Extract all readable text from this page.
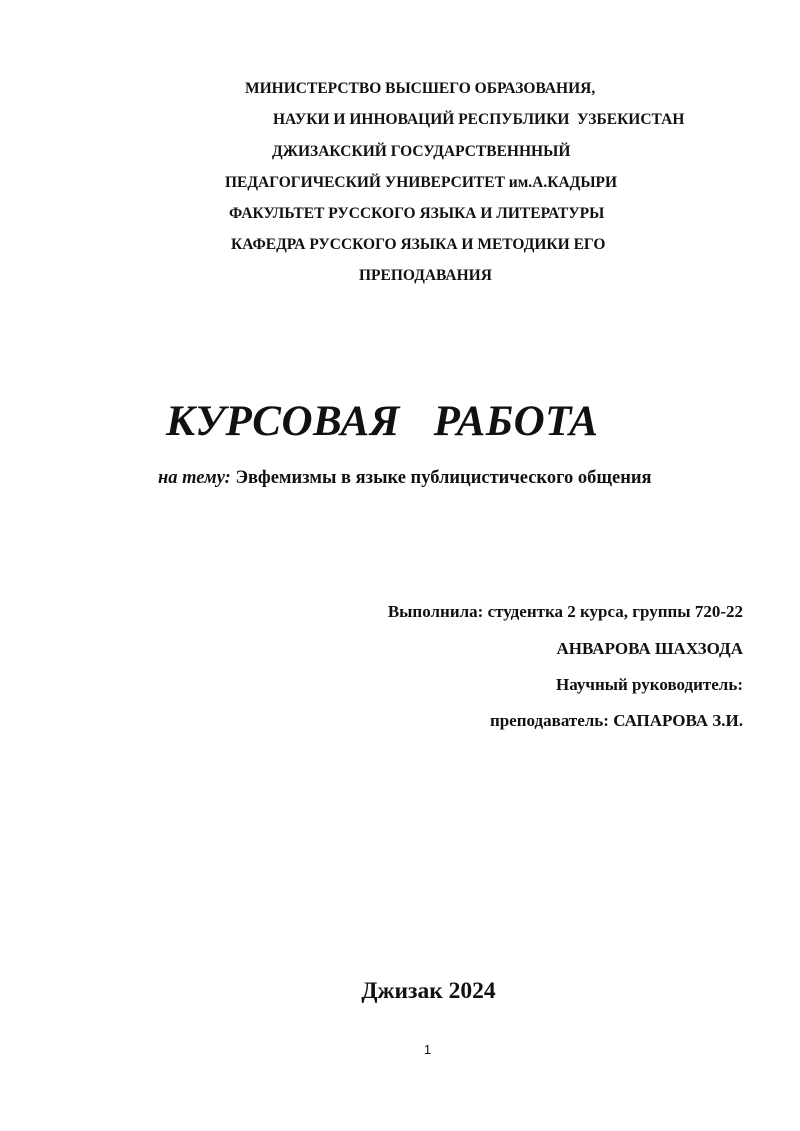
МИНИСТЕРСТВО ВЫСШЕГО ОБРАЗОВАНИЯ,
НАУКИ И ИННОВАЦИЙ РЕСПУБЛИКИ  УЗБЕКИСТАН
ДЖИЗАКСКИЙ ГОСУДАРСТВЕНННЫЙ
ПЕДАГОГИЧЕСКИЙ УНИВЕРСИТЕТ им.А.КАДЫРИ
ФАКУЛЬТЕТ РУССКОГО ЯЗЫКА И ЛИТЕРАТУРЫ
КАФЕДРА РУССКОГО ЯЗЫКА И МЕТОДИКИ ЕГО
ПРЕПОДАВАНИЯ
КУРСОВАЯ   РАБОТА
на тему: Эвфемизмы в языке публицистического общения
Выполнила: студентка 2 курса, группы 720-22
АНВАРОВА ШАХЗОДА
Научный руководитель:
преподаватель: САПАРОВА З.И.
Джизак 2024
1
